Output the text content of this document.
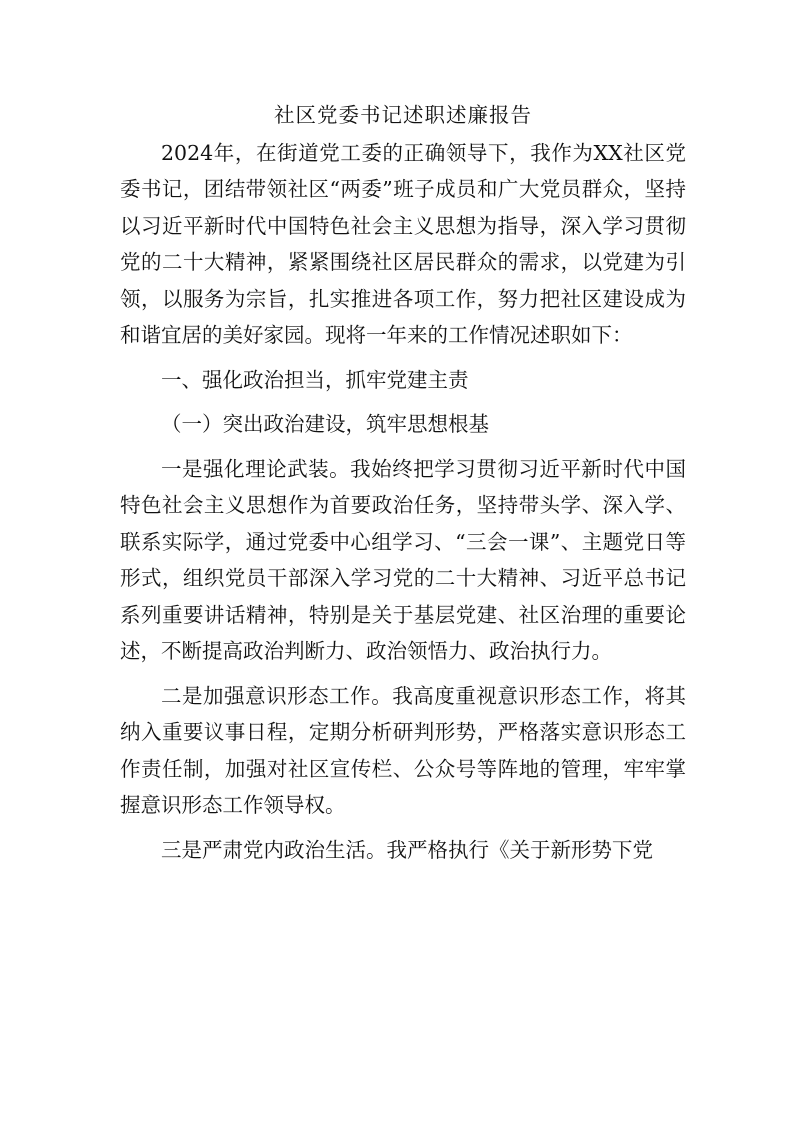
社区党委书记述职述廉报告

2024年，在街道党工委的正确领导下，我作为XX社区党委书记，团结带领社区“两委”班子成员和广大党员群众，坚持以习近平新时代中国特色社会主义思想为指导，深入学习贯彻党的二十大精神，紧紧围绕社区居民群众的需求，以党建为引领，以服务为宗旨，扎实推进各项工作，努力把社区建设成为和谐宜居的美好家园。现将一年来的工作情况述职如下：

一、强化政治担当，抓牢党建主责

（一）突出政治建设，筑牢思想根基

一是强化理论武装。我始终把学习贯彻习近平新时代中国特色社会主义思想作为首要政治任务，坚持带头学、深入学、联系实际学，通过党委中心组学习、“三会一课”、主题党日等形式，组织党员干部深入学习党的二十大精神、习近平总书记系列重要讲话精神，特别是关于基层党建、社区治理的重要论述，不断提高政治判断力、政治领悟力、政治执行力。

二是加强意识形态工作。我高度重视意识形态工作，将其纳入重要议事日程，定期分析研判形势，严格落实意识形态工作责任制，加强对社区宣传栏、公众号等阵地的管理，牢牢掌握意识形态工作领导权。

三是严肃党内政治生活。我严格执行《关于新形势下党
